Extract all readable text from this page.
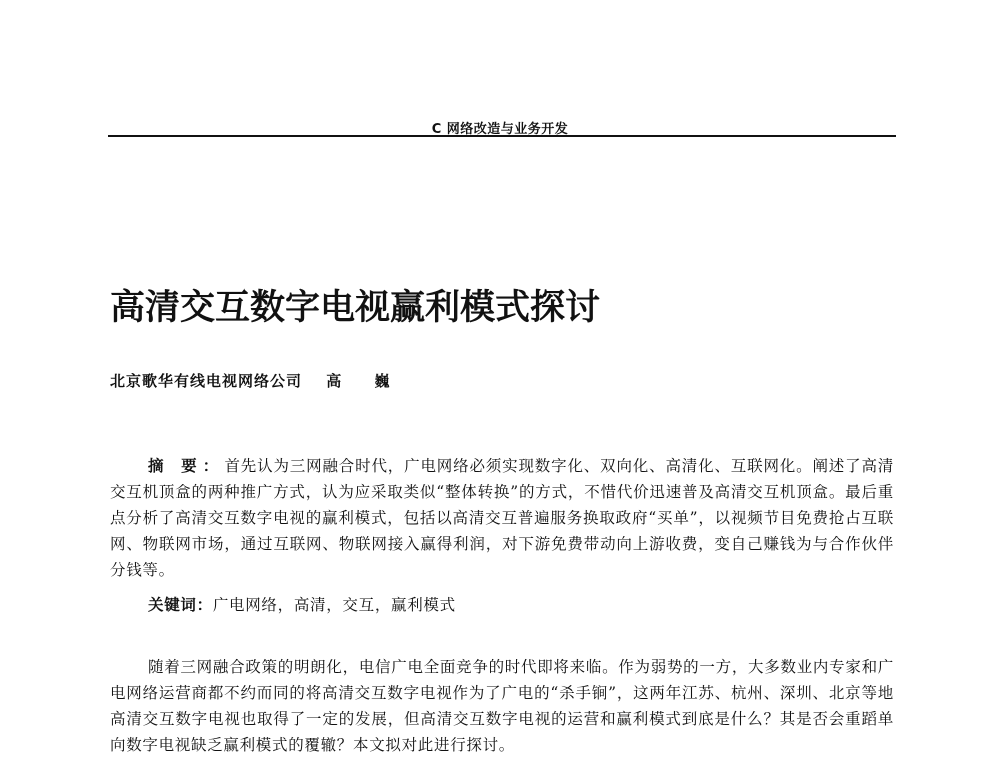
C 网络改造与业务开发
高清交互数字电视赢利模式探讨
北京歌华有线电视网络公司 高 巍

摘 要：首先认为三网融合时代，广电网络必须实现数字化、双向化、高清化、互联网化。阐述了高清交互机顶盒的两种推广方式，认为应采取类似“整体转换”的方式，不惜代价迅速普及高清交互机顶盒。最后重点分析了高清交互数字电视的赢利模式，包括以高清交互普遍服务换取政府“买单”，以视频节目免费抢占互联网、物联网市场，通过互联网、物联网接入赢得利润，对下游免费带动向上游收费，变自己赚钱为与合作伙伴分钱等。

关键词：广电网络，高清，交互，赢利模式

随着三网融合政策的明朗化，电信广电全面竞争的时代即将来临。作为弱势的一方，大多数业内专家和广电网络运营商都不约而同的将高清交互数字电视作为了广电的“杀手锏”，这两年江苏、杭州、深圳、北京等地高清交互数字电视也取得了一定的发展，但高清交互数字电视的运营和赢利模式到底是什么？其是否会重蹈单向数字电视缺乏赢利模式的覆辙？本文拟对此进行探讨。
